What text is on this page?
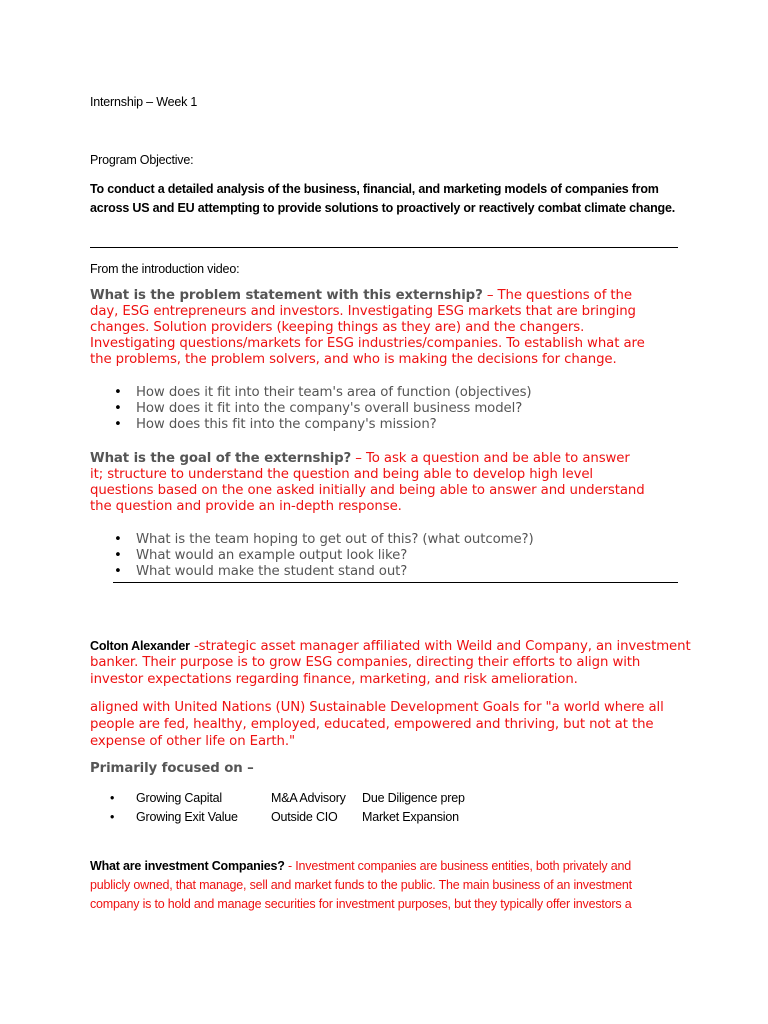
Internship – Week 1
Program Objective:
To conduct a detailed analysis of the business, financial, and marketing models of companies from
across US and EU attempting to provide solutions to proactively or reactively combat climate change.
From the introduction video:
What is the problem statement with this externship? – The questions of the
day, ESG entrepreneurs and investors. Investigating ESG markets that are bringing
changes. Solution providers (keeping things as they are) and the changers.
Investigating questions/markets for ESG industries/companies. To establish what are
the problems, the problem solvers, and who is making the decisions for change.
• How does it fit into their team's area of function (objectives)
• How does it fit into the company's overall business model?
• How does this fit into the company's mission?
What is the goal of the externship? – To ask a question and be able to answer
it; structure to understand the question and being able to develop high level
questions based on the one asked initially and being able to answer and understand
the question and provide an in-depth response.
• What is the team hoping to get out of this? (what outcome?)
• What would an example output look like?
• What would make the student stand out?
Colton Alexander -strategic asset manager affiliated with Weild and Company, an investment
banker. Their purpose is to grow ESG companies, directing their efforts to align with
investor expectations regarding finance, marketing, and risk amelioration.
aligned with United Nations (UN) Sustainable Development Goals for "a world where all
people are fed, healthy, employed, educated, empowered and thriving, but not at the
expense of other life on Earth."
Primarily focused on –
• Growing Capital	M&A Advisory Due Diligence prep
• Growing Exit Value	Outside CIO Market Expansion
What are investment Companies? - Investment companies are business entities, both privately and
publicly owned, that manage, sell and market funds to the public. The main business of an investment
company is to hold and manage securities for investment purposes, but they typically offer investors a
